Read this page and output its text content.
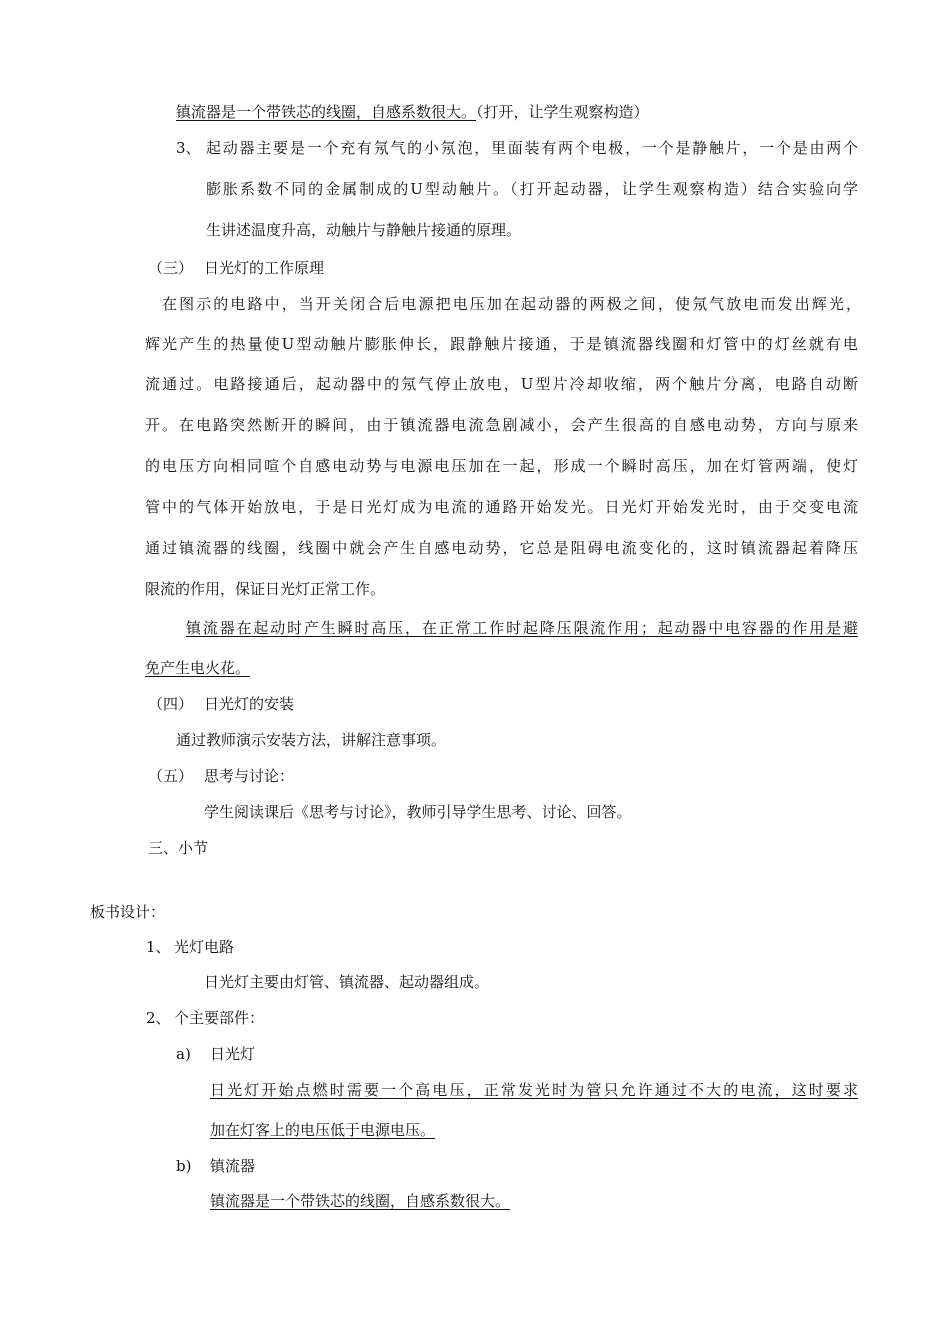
镇流器是一个带铁芯的线圈，自感系数很大。（打开，让学生观察构造）
3、 起动器主要是一个充有氖气的小氖泡，里面装有两个电极，一个是静触片，一个是由两个
膨胀系数不同的金属制成的U型动触片。（打开起动器，让学生观察构造）结合实验向学
生讲述温度升高，动触片与静触片接通的原理。
（三） 日光灯的工作原理
在图示的电路中，当开关闭合后电源把电压加在起动器的两极之间，使氖气放电而发出辉光，
辉光产生的热量使U型动触片膨胀伸长，跟静触片接通，于是镇流器线圈和灯管中的灯丝就有电
流通过。电路接通后，起动器中的氖气停止放电，U型片冷却收缩，两个触片分离，电路自动断
开。在电路突然断开的瞬间，由于镇流器电流急剧减小，会产生很高的自感电动势，方向与原来
的电压方向相同喧个自感电动势与电源电压加在一起，形成一个瞬时高压，加在灯管两端，使灯
管中的气体开始放电，于是日光灯成为电流的通路开始发光。日光灯开始发光时，由于交变电流
通过镇流器的线圈，线圈中就会产生自感电动势，它总是阻碍电流变化的，这时镇流器起着降压
限流的作用，保证日光灯正常工作。
镇流器在起动时产生瞬时高压，在正常工作时起降压限流作用；起动器中电容器的作用是避
免产生电火花。
（四） 日光灯的安装
通过教师演示安装方法，讲解注意事项。
（五） 思考与讨论：
学生阅读课后《思考与讨论》，教师引导学生思考、讨论、回答。
三、小节
板书设计：
1、 光灯电路
日光灯主要由灯管、镇流器、起动器组成。
2、 个主要部件：
a) 日光灯
日光灯开始点燃时需要一个高电压，正常发光时为管只允许通过不大的电流，这时要求
加在灯客上的电压低于电源电压。
b) 镇流器
镇流器是一个带铁芯的线圈，自感系数很大。
